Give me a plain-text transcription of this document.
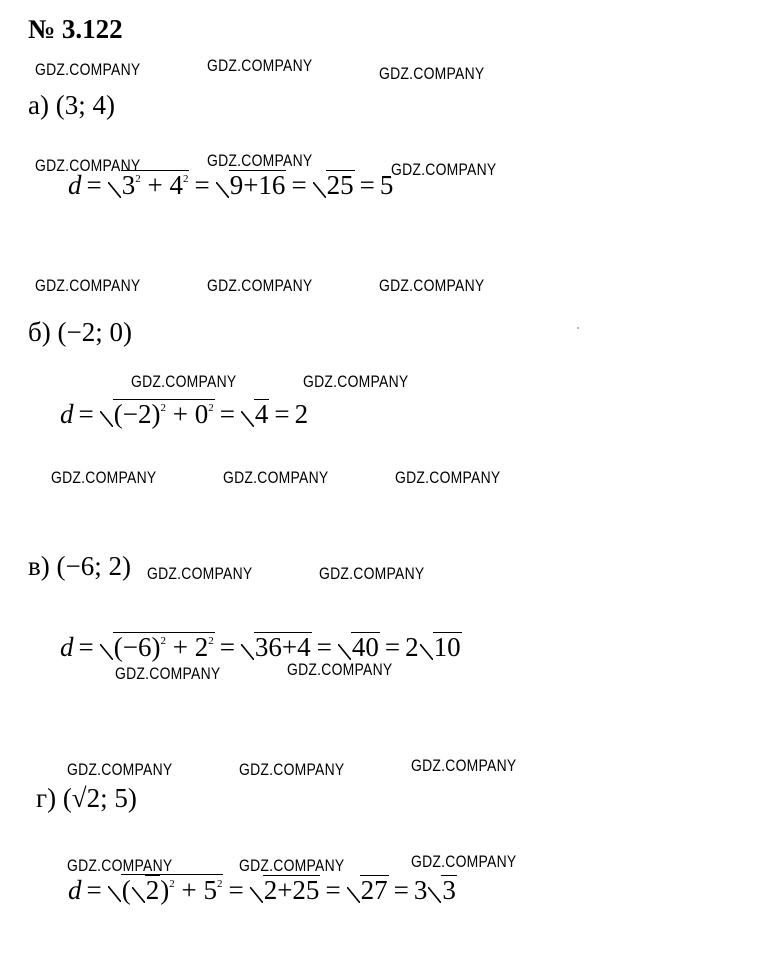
№ 3.122
GDZ.COMPANY	GDZ.COMPANY	GDZ.COMPANY
а) (3; 4)
GDZ.COMPANY	GDZ.COMPANY	GDZ.COMPANY
$d = 3^2 + 4^2 = 9+16 = 25 = 5$
GDZ.COMPANY	GDZ.COMPANY	GDZ.COMPANY
б) (−2; 0)
GDZ.COMPANY	GDZ.COMPANY
$d = (-2)^2 + 0^2 = 4 = 2$
GDZ.COMPANY	GDZ.COMPANY	GDZ.COMPANY
в) (−6; 2) GDZ.COMPANY	GDZ.COMPANY
$d = (-6)^2 + 2^2 = 36+4 = 40 = 2$ 10
GDZ.COMPANY	GDZ.COMPANY
GDZ.COMPANY	GDZ.COMPANY	GDZ.COMPANY
г) (√2; 5)
GDZ.COMPANY	GDZ.COMPANY	GDZ.COMPANY
d = ( $2)^2 + 5^2 = 2+25 = 27 = 3$ 3
